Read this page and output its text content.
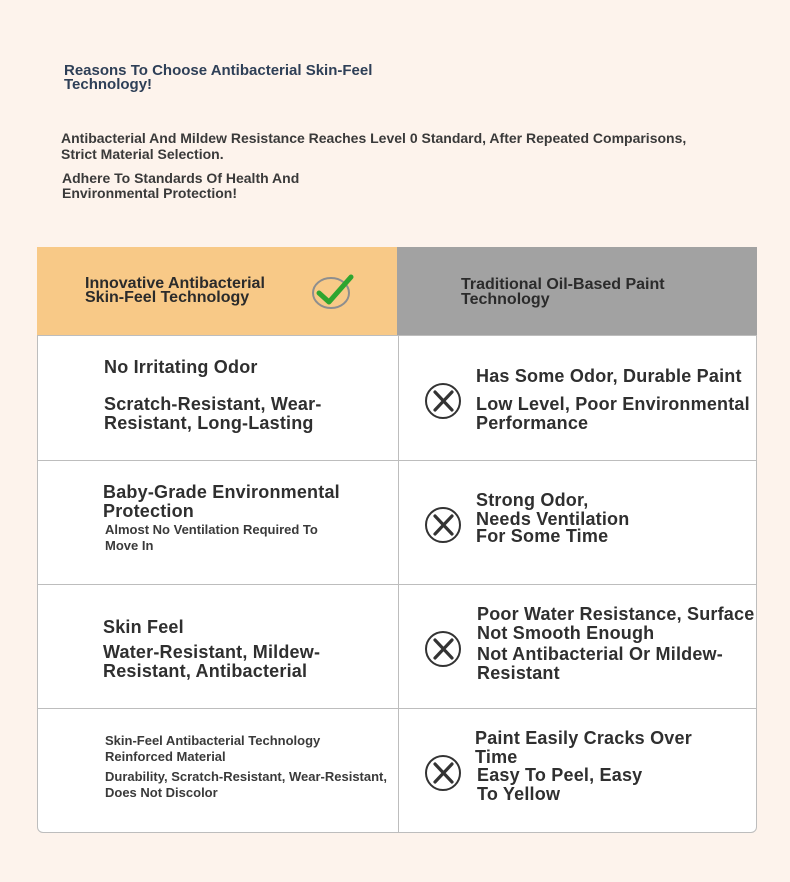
Reasons To Choose Antibacterial Skin-Feel Technology!
Antibacterial And Mildew Resistance Reaches Level 0 Standard, After Repeated Comparisons, Strict Material Selection.
Adhere To Standards Of Health And Environmental Protection!
Innovative Antibacterial Skin-Feel Technology
Traditional Oil-Based Paint Technology
No Irritating Odor
Scratch-Resistant, Wear-Resistant, Long-Lasting
Has Some Odor, Durable Paint
Low Level, Poor Environmental Performance
Baby-Grade Environmental Protection
Almost No Ventilation Required To Move In
Strong Odor, Needs Ventilation
For Some Time
Skin Feel
Water-Resistant, Mildew-Resistant, Antibacterial
Poor Water Resistance, Surface Not Smooth Enough
Not Antibacterial Or Mildew-Resistant
Skin-Feel Antibacterial Technology Reinforced Material
Durability, Scratch-Resistant, Wear-Resistant, Does Not Discolor
Paint Easily Cracks Over Time
Easy To Peel, Easy To Yellow
